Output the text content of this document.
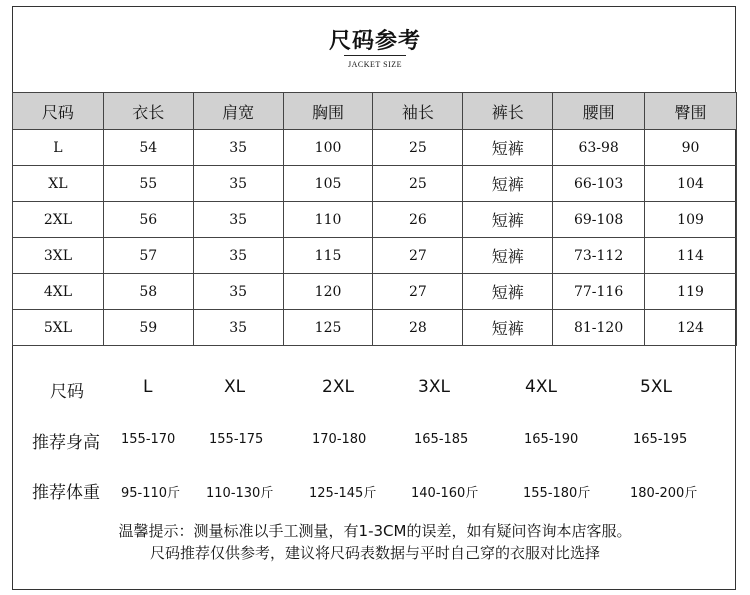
尺码参考
JACKET SIZE
尺码	衣长	肩宽	胸围	袖长	裤长	腰围	臀围
L	54	35	100	25	短裤	63-98	90
XL	55	35	105	25	短裤	66-103	104
2XL	56	35	110	26	短裤	69-108	109
3XL	57	35	115	27	短裤	73-112	114
4XL	58	35	120	27	短裤	77-116	119
5XL	59	35	125	28	短裤	81-120	124
尺码	L	XL	2XL	3XL	4XL	5XL
推荐身高 155-170	155-175	170-180	165-185	165-190	165-195
推荐体重 95-110斤 110-130斤	125-145斤	140-160斤	155-180斤	180-200斤
温馨提示：测量标准以手工测量，有1-3CM的误差，如有疑问咨询本店客服。
尺码推荐仅供参考，建议将尺码表数据与平时自己穿的衣服对比选择
